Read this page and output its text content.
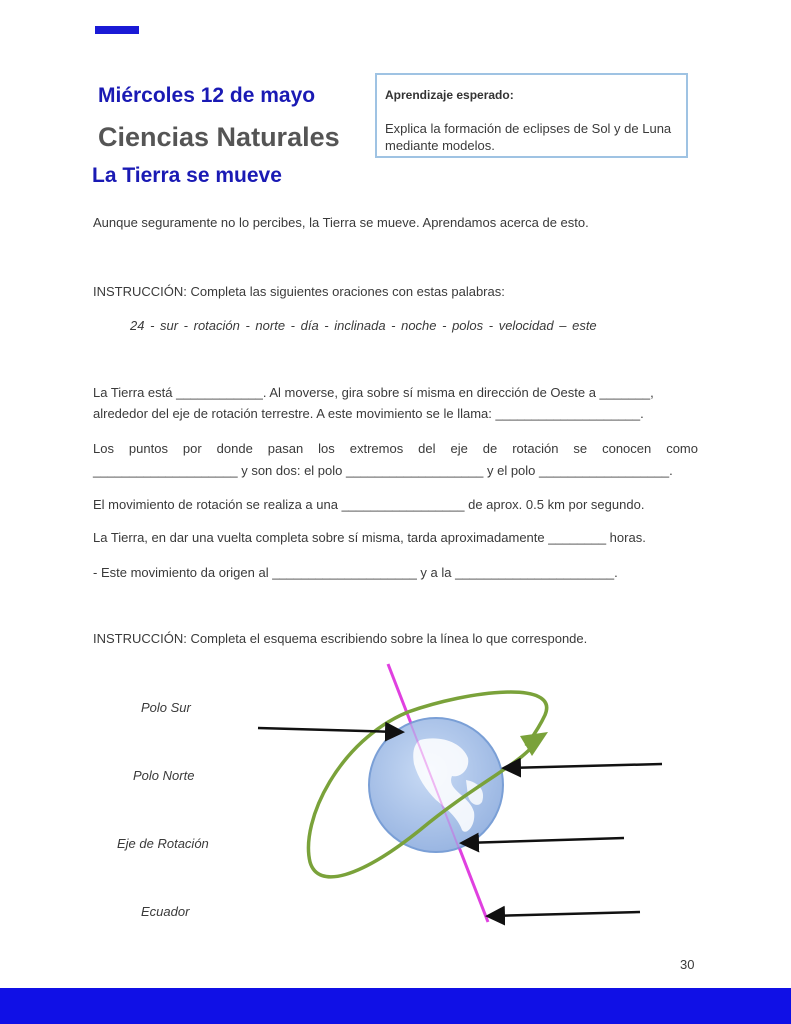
Miércoles 12 de mayo
Ciencias Naturales
La Tierra se mueve
Aprendizaje esperado:
Explica la formación de eclipses de Sol y de Luna mediante modelos.
Aunque seguramente no lo percibes, la Tierra se mueve. Aprendamos acerca de esto.
INSTRUCCIÓN: Completa las siguientes oraciones con estas palabras:
24 - sur - rotación - norte - día - inclinada - noche - polos - velocidad – este
La Tierra está ____________. Al moverse, gira sobre sí misma en dirección de Oeste a _______,
alrededor del eje de rotación terrestre. A este movimiento se le llama: ____________________.
Los puntos por donde pasan los extremos del eje de rotación se conocen como
____________________ y son dos: el polo ___________________ y el polo __________________.
El movimiento de rotación se realiza a una _________________ de aprox. 0.5 km por segundo.
La Tierra, en dar una vuelta completa sobre sí misma, tarda aproximadamente ________ horas.
- Este movimiento da origen al ____________________ y a la ______________________.
INSTRUCCIÓN: Completa el esquema escribiendo sobre la línea lo que corresponde.
Polo Sur
Polo Norte
Eje de Rotación
Ecuador
30
